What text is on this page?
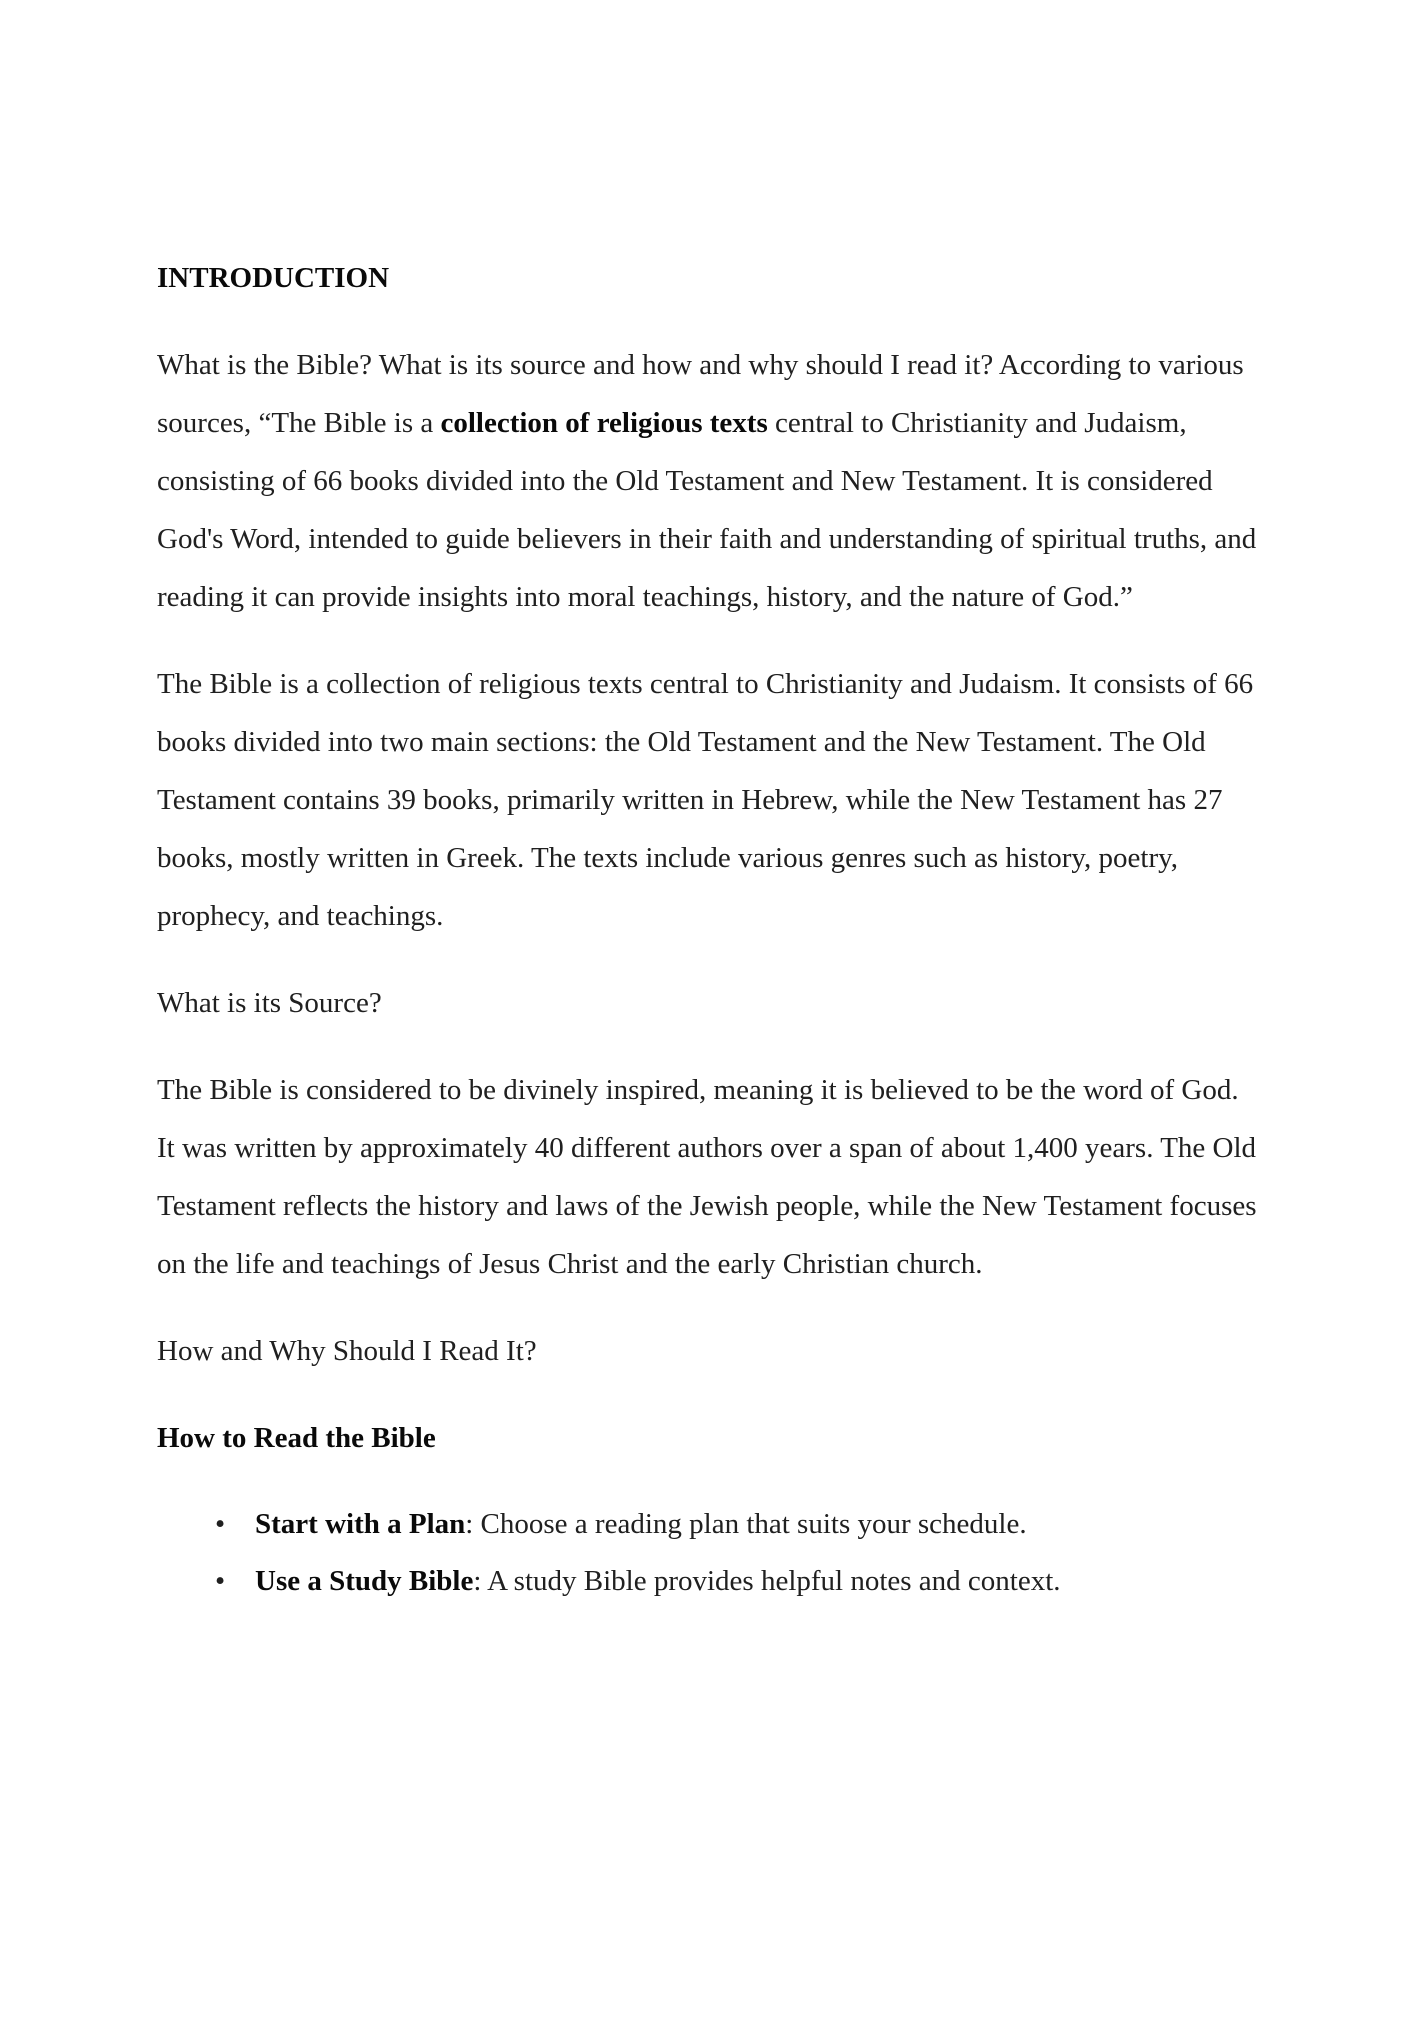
INTRODUCTION

What is the Bible? What is its source and how and why should I read it? According to various sources, “The Bible is a collection of religious texts central to Christianity and Judaism, consisting of 66 books divided into the Old Testament and New Testament. It is considered God's Word, intended to guide believers in their faith and understanding of spiritual truths, and reading it can provide insights into moral teachings, history, and the nature of God.”

The Bible is a collection of religious texts central to Christianity and Judaism. It consists of 66 books divided into two main sections: the Old Testament and the New Testament. The Old Testament contains 39 books, primarily written in Hebrew, while the New Testament has 27 books, mostly written in Greek. The texts include various genres such as history, poetry, prophecy, and teachings.

What is its Source?

The Bible is considered to be divinely inspired, meaning it is believed to be the word of God. It was written by approximately 40 different authors over a span of about 1,400 years. The Old Testament reflects the history and laws of the Jewish people, while the New Testament focuses on the life and teachings of Jesus Christ and the early Christian church.

How and Why Should I Read It?

How to Read the Bible
• Start with a Plan: Choose a reading plan that suits your schedule.
• Use a Study Bible: A study Bible provides helpful notes and context.
